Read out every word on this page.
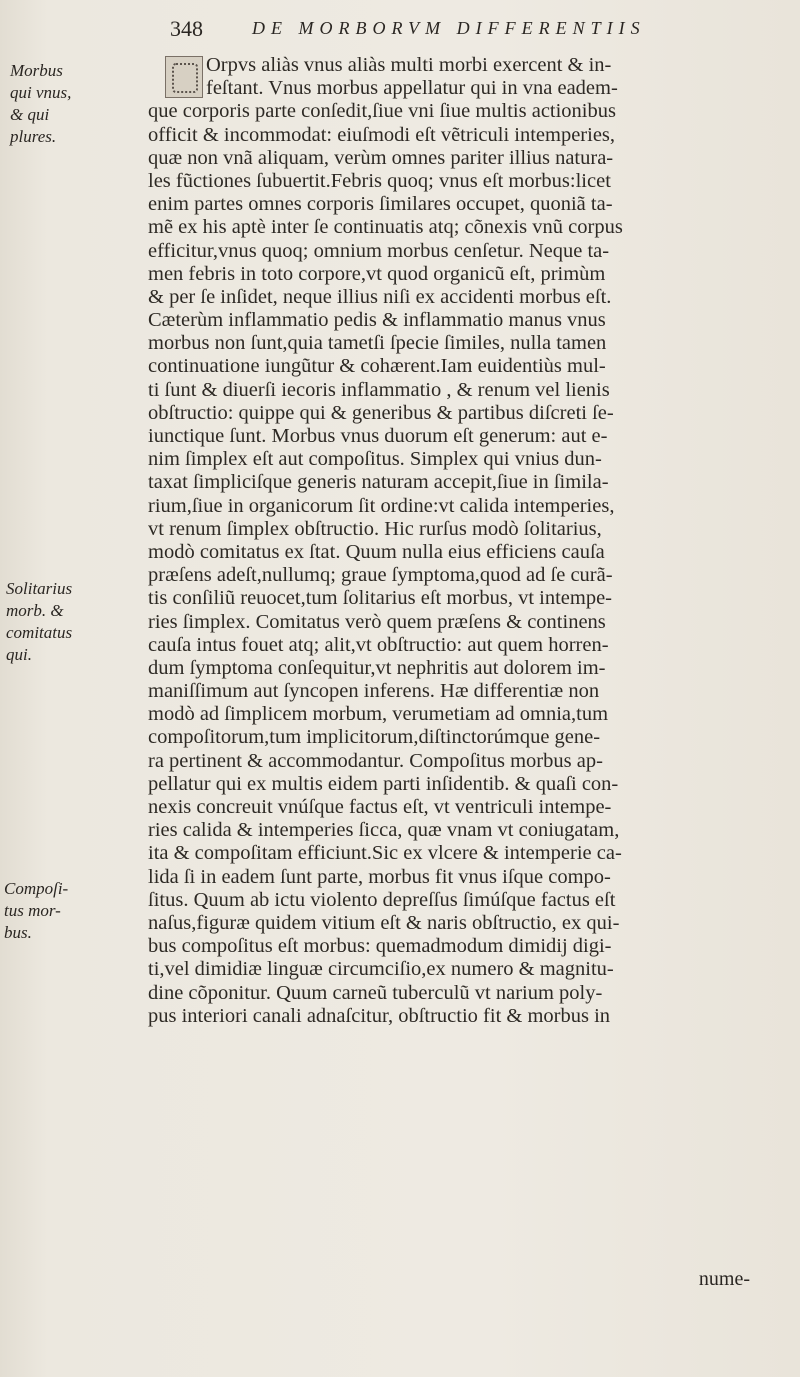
348	DE MORBORVM DIFFERENTIIS
Morbus
qui vnus,
& qui
plures.
Solitarius
morb. &
comitatus
qui.
Compoſi-
tus mor-
bus.
Orpvs aliàs vnus aliàs multi morbi exercent & in-
feſtant. Vnus morbus appellatur qui in vna eadem-
que corporis parte conſedit,ſiue vni ſiue multis actionibus
officit & incommodat: eiuſmodi eſt vẽtriculi intemperies,
quæ non vnã aliquam, verùm omnes pariter illius natura-
les fũctiones ſubuertit.Febris quoq; vnus eſt morbus:licet
enim partes omnes corporis ſimilares occupet, quoniã ta-
mẽ ex his aptè inter ſe continuatis atq; cõnexis vnũ corpus
efficitur,vnus quoq; omnium morbus cenſetur. Neque ta-
men febris in toto corpore,vt quod organicũ eſt, primùm
& per ſe inſidet, neque illius niſi ex accidenti morbus eſt.
Cæterùm inflammatio pedis & inflammatio manus vnus
morbus non ſunt,quia tametſi ſpecie ſimiles, nulla tamen
continuatione iungũtur & cohærent.Iam euidentiùs mul-
ti ſunt & diuerſi iecoris inflammatio , & renum vel lienis
obſtructio: quippe qui & generibus & partibus diſcreti ſe-
iunctique ſunt. Morbus vnus duorum eſt generum: aut e-
nim ſimplex eſt aut compoſitus. Simplex qui vnius dun-
taxat ſimpliciſque generis naturam accepit,ſiue in ſimila-
rium,ſiue in organicorum ſit ordine:vt calida intemperies,
vt renum ſimplex obſtructio. Hic rurſus modò ſolitarius,
modò comitatus ex ſtat. Quum nulla eius efficiens cauſa
præſens adeſt,nullumq; graue ſymptoma,quod ad ſe curã-
tis conſiliũ reuocet,tum ſolitarius eſt morbus, vt intempe-
ries ſimplex. Comitatus verò quem præſens & continens
cauſa intus fouet atq; alit,vt obſtructio: aut quem horren-
dum ſymptoma conſequitur,vt nephritis aut dolorem im-
maniſſimum aut ſyncopen inferens. Hæ differentiæ non
modò ad ſimplicem morbum, verumetiam ad omnia,tum
compoſitorum,tum implicitorum,diſtinctorúmque gene-
ra pertinent & accommodantur. Compoſitus morbus ap-
pellatur qui ex multis eidem parti inſidentib. & quaſi con-
nexis concreuit vnúſque factus eſt, vt ventriculi intempe-
ries calida & intemperies ſicca, quæ vnam vt coniugatam,
ita & compoſitam efficiunt.Sic ex vlcere & intemperie ca-
lida ſi in eadem ſunt parte, morbus fit vnus iſque compo-
ſitus. Quum ab ictu violento depreſſus ſimúſque factus eſt
naſus,figuræ quidem vitium eſt & naris obſtructio, ex qui-
bus compoſitus eſt morbus: quemadmodum dimidij digi-
ti,vel dimidiæ linguæ circumciſio,ex numero & magnitu-
dine cõponitur. Quum carneũ tuberculũ vt narium poly-
pus interiori canali adnaſcitur, obſtructio fit & morbus in
nume-
